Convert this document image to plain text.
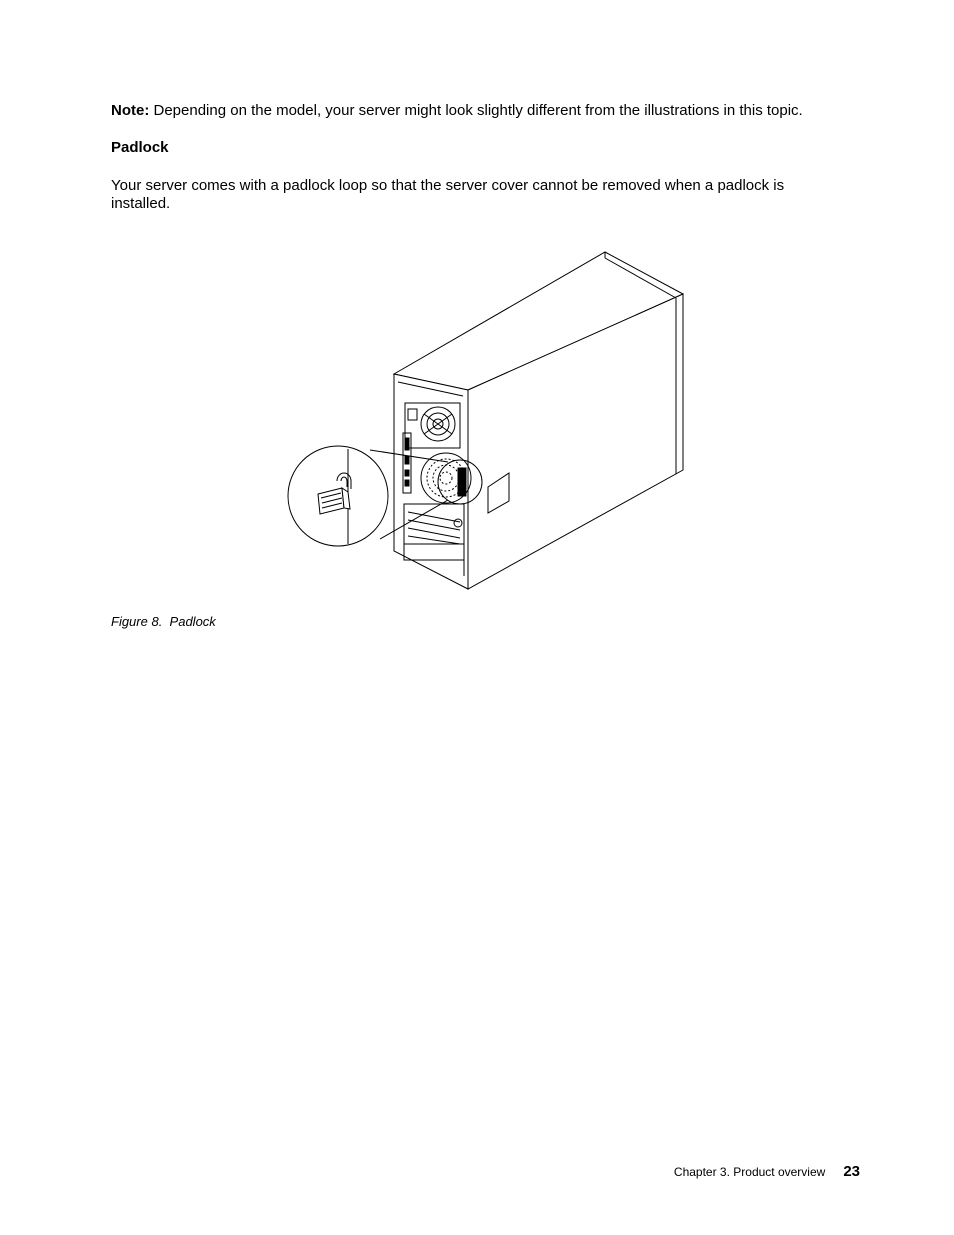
Note: Depending on the model, your server might look slightly different from the illustrations in this topic.
Padlock
Your server comes with a padlock loop so that the server cover cannot be removed when a padlock is installed.
Figure 8. Padlock
Chapter 3. Product overview 23
